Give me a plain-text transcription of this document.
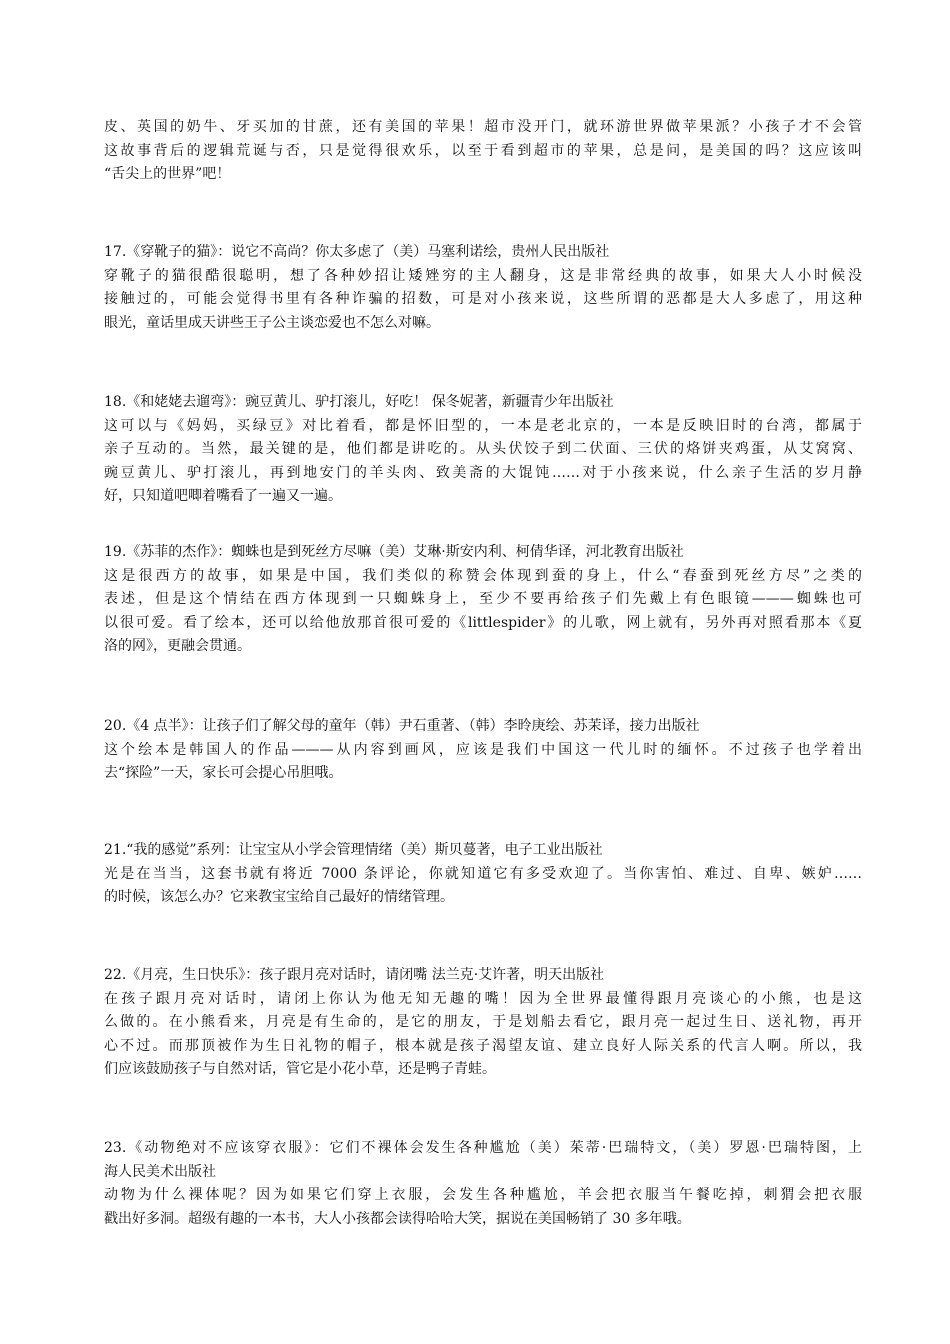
皮、英国的奶牛、牙买加的甘蔗，还有美国的苹果！超市没开门，就环游世界做苹果派？小孩子才不会管
这故事背后的逻辑荒诞与否，只是觉得很欢乐，以至于看到超市的苹果，总是问，是美国的吗？这应该叫
“舌尖上的世界”吧！
17.《穿靴子的猫》：说它不高尚？你太多虑了（美）马塞利诺绘，贵州人民出版社
穿靴子的猫很酷很聪明，想了各种妙招让矮矬穷的主人翻身，这是非常经典的故事，如果大人小时候没
接触过的，可能会觉得书里有各种诈骗的招数，可是对小孩来说，这些所谓的恶都是大人多虑了，用这种
眼光，童话里成天讲些王子公主谈恋爱也不怎么对嘛。
18.《和姥姥去遛弯》：豌豆黄儿、驴打滚儿，好吃！ 保冬妮著，新疆青少年出版社
这可以与《妈妈，买绿豆》对比着看，都是怀旧型的，一本是老北京的，一本是反映旧时的台湾，都属于
亲子互动的。当然，最关键的是，他们都是讲吃的。从头伏饺子到二伏面、三伏的烙饼夹鸡蛋，从艾窝窝、
豌豆黄儿、驴打滚儿，再到地安门的羊头肉、致美斋的大馄饨……对于小孩来说，什么亲子生活的岁月静
好，只知道吧唧着嘴看了一遍又一遍。
19.《苏菲的杰作》：蜘蛛也是到死丝方尽嘛（美）艾琳·斯安内利、柯倩华译，河北教育出版社
这是很西方的故事，如果是中国，我们类似的称赞会体现到蚕的身上，什么“春蚕到死丝方尽”之类的
表述，但是这个情结在西方体现到一只蜘蛛身上，至少不要再给孩子们先戴上有色眼镜———蜘蛛也可
以很可爱。看了绘本，还可以给他放那首很可爱的《littlespider》的儿歌，网上就有，另外再对照看那本《夏
洛的网》，更融会贯通。
20.《4 点半》：让孩子们了解父母的童年（韩）尹石重著、（韩）李昤庚绘、苏茉译，接力出版社
这个绘本是韩国人的作品———从内容到画风，应该是我们中国这一代儿时的缅怀。不过孩子也学着出
去“探险”一天，家长可会提心吊胆哦。
21.“我的感觉”系列：让宝宝从小学会管理情绪（美）斯贝蔓著，电子工业出版社
光是在当当，这套书就有将近 7000 条评论，你就知道它有多受欢迎了。当你害怕、难过、自卑、嫉妒……
的时候，该怎么办？它来教宝宝给自己最好的情绪管理。
22.《月亮，生日快乐》：孩子跟月亮对话时，请闭嘴 法兰克·艾许著，明天出版社
在孩子跟月亮对话时，请闭上你认为他无知无趣的嘴！因为全世界最懂得跟月亮谈心的小熊，也是这
么做的。在小熊看来，月亮是有生命的，是它的朋友，于是划船去看它，跟月亮一起过生日、送礼物，再开
心不过。而那顶被作为生日礼物的帽子，根本就是孩子渴望友谊、建立良好人际关系的代言人啊。所以，我
们应该鼓励孩子与自然对话，管它是小花小草，还是鸭子青蛙。
23.《动物绝对不应该穿衣服》：它们不裸体会发生各种尴尬（美）茱蒂·巴瑞特文，（美）罗恩·巴瑞特图，上
海人民美术出版社
动物为什么裸体呢？因为如果它们穿上衣服，会发生各种尴尬，羊会把衣服当午餐吃掉，刺猬会把衣服
戳出好多洞。超级有趣的一本书，大人小孩都会读得哈哈大笑，据说在美国畅销了 30 多年哦。
